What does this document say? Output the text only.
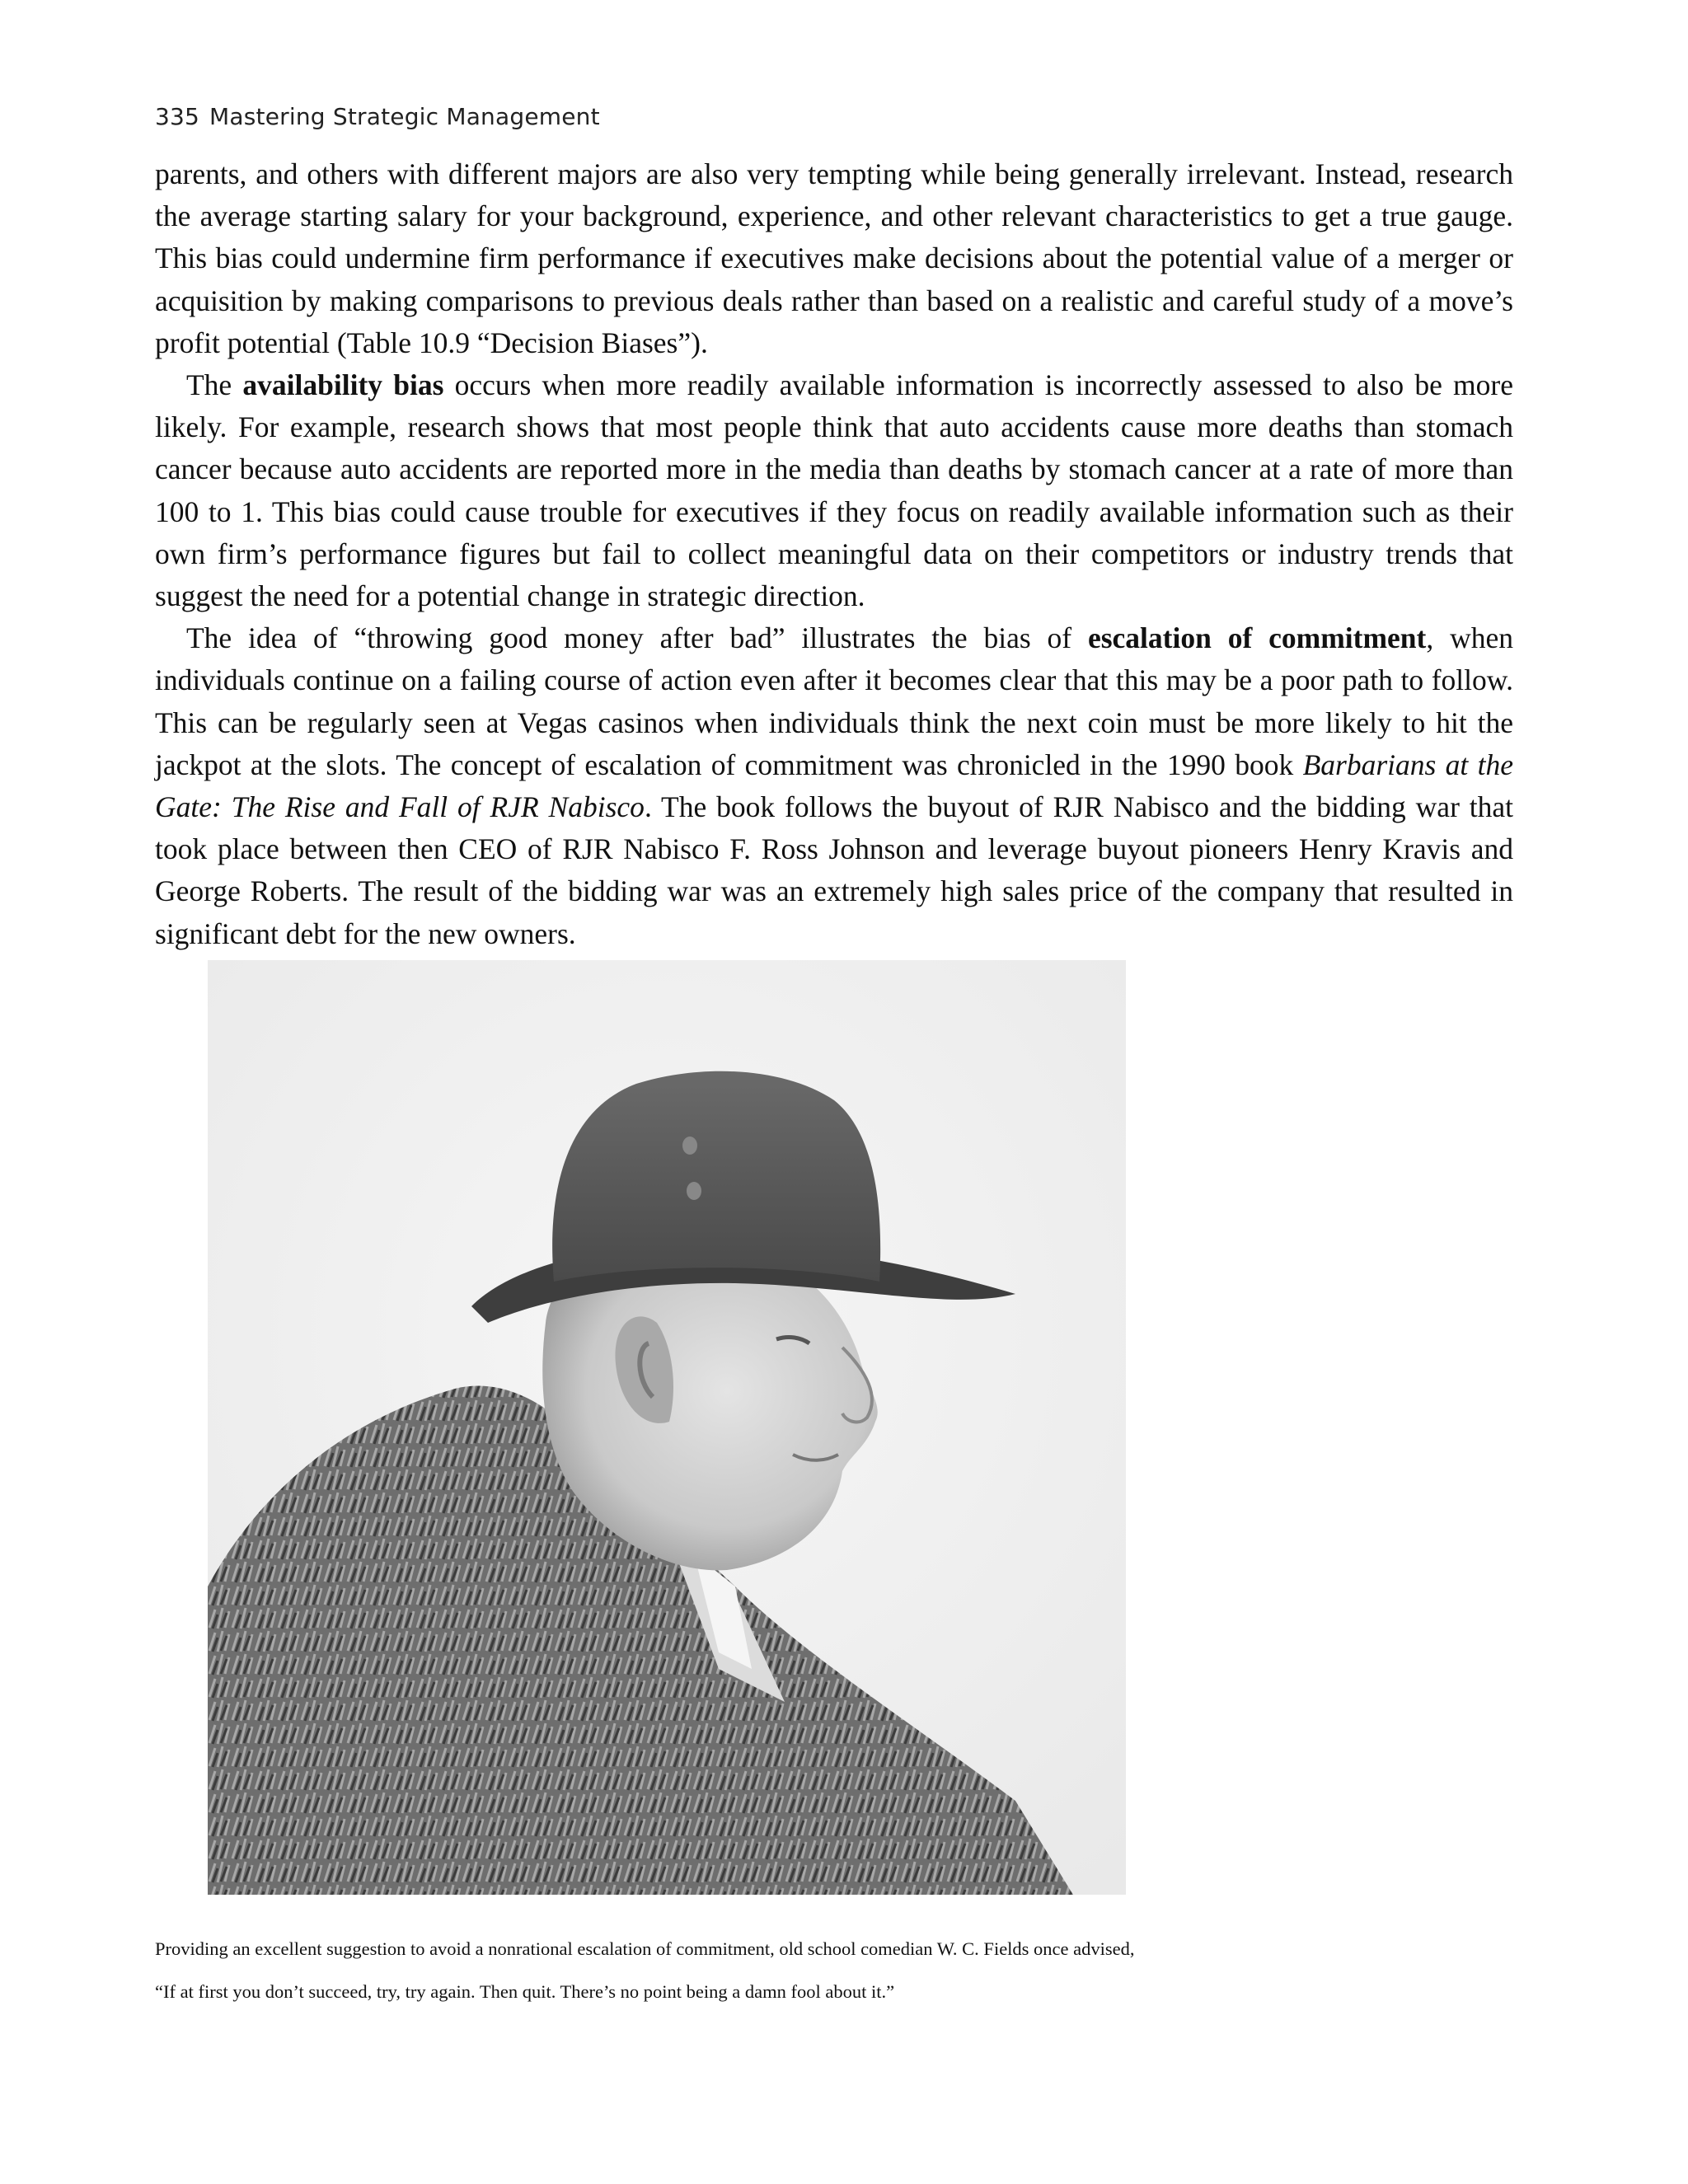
335 Mastering Strategic Management

parents, and others with different majors are also very tempting while being generally irrelevant. Instead, research the average starting salary for your background, experience, and other relevant characteristics to get a true gauge. This bias could undermine firm performance if executives make decisions about the potential value of a merger or acquisition by making comparisons to previous deals rather than based on a realistic and careful study of a move’s profit potential (Table 10.9 “Decision Biases”).

The availability bias occurs when more readily available information is incorrectly assessed to also be more likely. For example, research shows that most people think that auto accidents cause more deaths than stomach cancer because auto accidents are reported more in the media than deaths by stomach cancer at a rate of more than 100 to 1. This bias could cause trouble for executives if they focus on readily available information such as their own firm’s performance figures but fail to collect meaningful data on their competitors or industry trends that suggest the need for a potential change in strategic direction.

The idea of “throwing good money after bad” illustrates the bias of escalation of commitment, when individuals continue on a failing course of action even after it becomes clear that this may be a poor path to follow. This can be regularly seen at Vegas casinos when individuals think the next coin must be more likely to hit the jackpot at the slots. The concept of escalation of commitment was chronicled in the 1990 book Barbarians at the Gate: The Rise and Fall of RJR Nabisco. The book follows the buyout of RJR Nabisco and the bidding war that took place between then CEO of RJR Nabisco F. Ross Johnson and leverage buyout pioneers Henry Kravis and George Roberts. The result of the bidding war was an extremely high sales price of the company that resulted in significant debt for the new owners.

Providing an excellent suggestion to avoid a nonrational escalation of commitment, old school comedian W. C. Fields once advised,
“If at first you don’t succeed, try, try again. Then quit. There’s no point being a damn fool about it.”
